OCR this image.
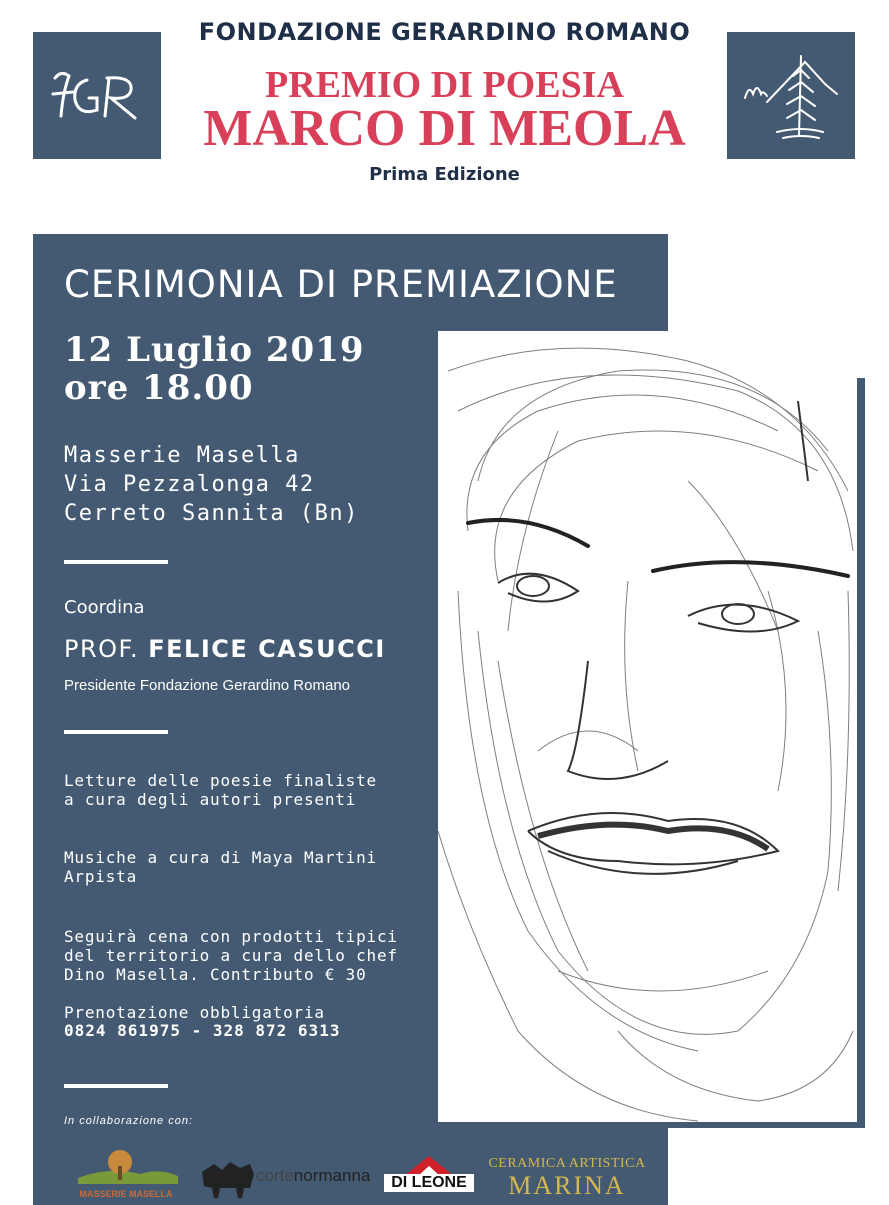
FONDAZIONE GERARDINO ROMANO
PREMIO DI POESIA
MARCO DI MEOLA
Prima Edizione
CERIMONIA DI PREMIAZIONE
12 Luglio 2019
ore 18.00
Masserie Masella
Via Pezzalonga 42
Cerreto Sannita (Bn)
Coordina
PROF. FELICE CASUCCI
Presidente Fondazione Gerardino Romano
Letture delle poesie finaliste
a cura degli autori presenti
Musiche a cura di Maya Martini
Arpista
Seguirà cena con prodotti tipici
del territorio a cura dello chef
Dino Masella. Contributo € 30
Prenotazione obbligatoria
0824 861975 - 328 872 6313
In collaborazione con:
MASSERIE MASELLA
cortenormanna	DI LEONE
CERAMICA ARTISTICA
MARINA
